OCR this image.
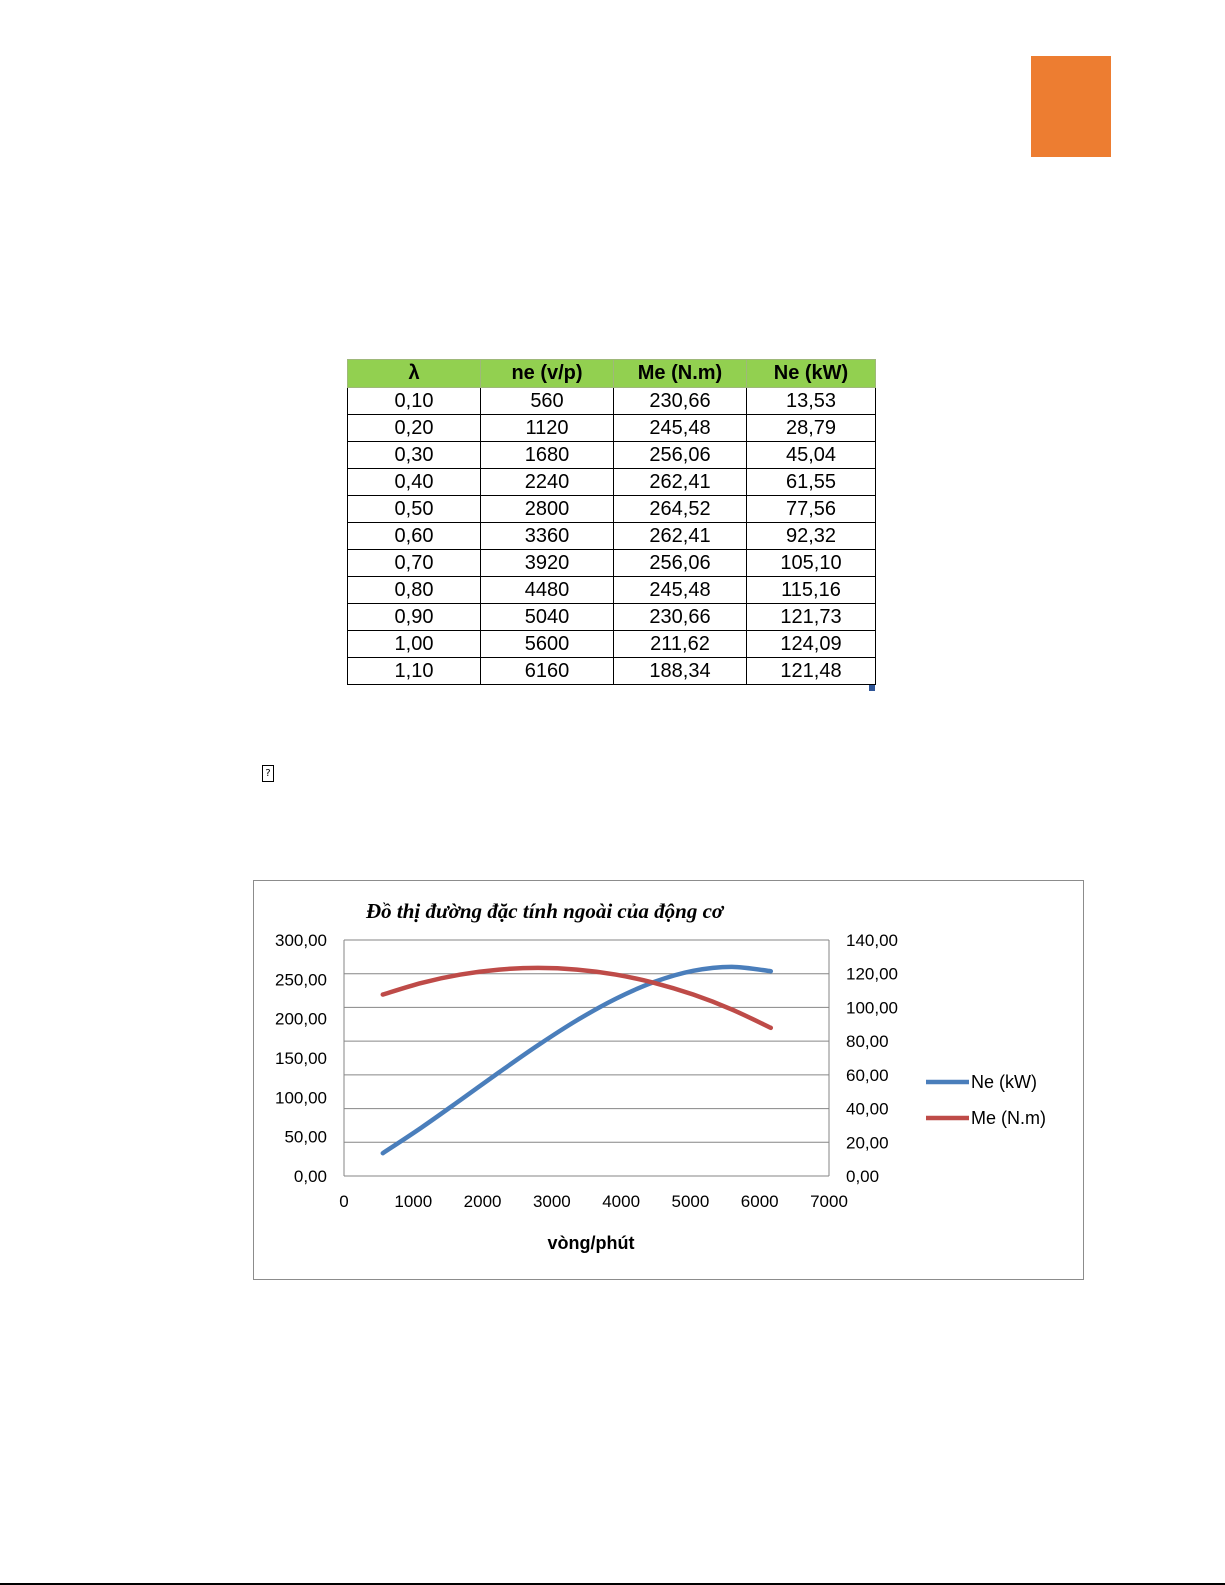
λ	ne (v/p)	Me (N.m)	Ne (kW)
0,10	560	230,66	13,53
0,20	1120	245,48	28,79
0,30	1680	256,06	45,04
0,40	2240	262,41	61,55
0,50	2800	264,52	77,56
0,60	3360	262,41	92,32
0,70	3920	256,06	105,10
0,80	4480	245,48	115,16
0,90	5040	230,66	121,73
1,00	5600	211,62	124,09
1,10	6160	188,34	121,48
?
Đồ thị đường đặc tính ngoài của động cơ
vòng/phút
0,00
20,00
40,00
60,00
80,00
100,00
120,00
140,00
0,00
50,00
100,00
150,00
200,00
250,00
300,00
0	1000 2000 3000 4000 5000 6000 7000
Ne (kW)
Me (N.m)
